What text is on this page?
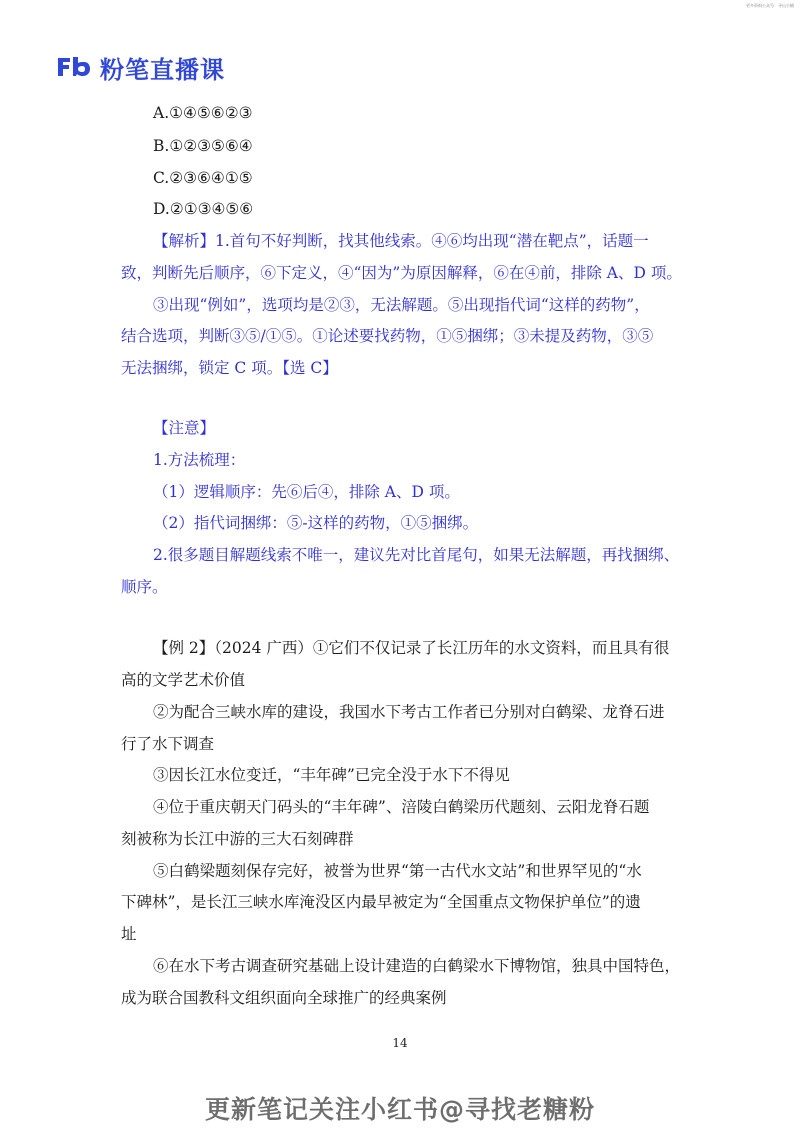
更多资料公众号：寻山小铺
粉笔直播课
A.①④⑤⑥②③
B.①②③⑤⑥④
C.②③⑥④①⑤
D.②①③④⑤⑥
【解析】1.首句不好判断，找其他线索。④⑥均出现“潜在靶点”，话题一
致，判断先后顺序，⑥下定义，④“因为”为原因解释，⑥在④前，排除 A、D 项。
③出现“例如”，选项均是②③，无法解题。⑤出现指代词“这样的药物”，
结合选项，判断③⑤/①⑤。①论述要找药物，①⑤捆绑；③未提及药物，③⑤
无法捆绑，锁定 C 项。【选 C】
【注意】
1.方法梳理：
（1）逻辑顺序：先⑥后④，排除 A、D 项。
（2）指代词捆绑：⑤-这样的药物，①⑤捆绑。
2.很多题目解题线索不唯一，建议先对比首尾句，如果无法解题，再找捆绑、
顺序。
【例 2】（2024 广西）①它们不仅记录了长江历年的水文资料，而且具有很
高的文学艺术价值
②为配合三峡水库的建设，我国水下考古工作者已分别对白鹤梁、龙脊石进
行了水下调查
③因长江水位变迁，“丰年碑”已完全没于水下不得见
④位于重庆朝天门码头的“丰年碑”、涪陵白鹤梁历代题刻、云阳龙脊石题
刻被称为长江中游的三大石刻碑群
⑤白鹤梁题刻保存完好，被誉为世界“第一古代水文站”和世界罕见的“水
下碑林”，是长江三峡水库淹没区内最早被定为“全国重点文物保护单位”的遗
址
⑥在水下考古调查研究基础上设计建造的白鹤梁水下博物馆，独具中国特色，
成为联合国教科文组织面向全球推广的经典案例
14
更新笔记关注小红书@寻找老糖粉
